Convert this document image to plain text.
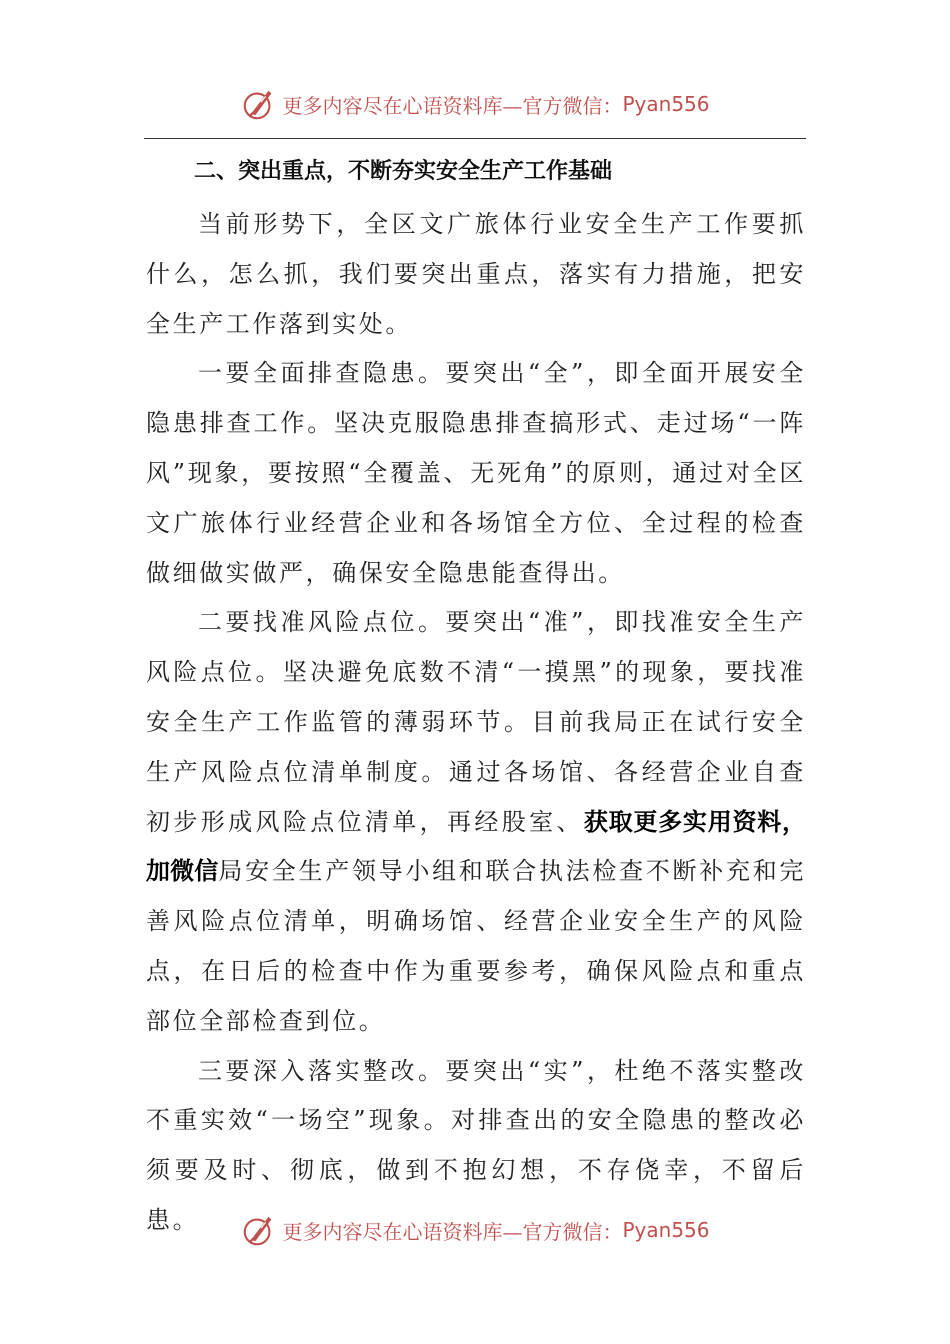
更多内容尽在心语资料库—官方微信： Pyan556

二、突出重点，不断夯实安全生产工作基础

当前形势下，全区文广旅体行业安全生产工作要抓什么，怎么抓，我们要突出重点，落实有力措施，把安全生产工作落到实处。

一要全面排查隐患。要突出“全”，即全面开展安全隐患排查工作。坚决克服隐患排查搞形式、走过场“一阵风”现象，要按照“全覆盖、无死角”的原则，通过对全区文广旅体行业经营企业和各场馆全方位、全过程的检查做细做实做严，确保安全隐患能查得出。

二要找准风险点位。要突出“准”，即找准安全生产风险点位。坚决避免底数不清“一摸黑”的现象，要找准安全生产工作监管的薄弱环节。目前我局正在试行安全生产风险点位清单制度。通过各场馆、各经营企业自查初步形成风险点位清单，再经股室、获取更多实用资料，加微信局安全生产领导小组和联合执法检查不断补充和完善风险点位清单，明确场馆、经营企业安全生产的风险点，在日后的检查中作为重要参考，确保风险点和重点部位全部检查到位。

三要深入落实整改。要突出“实”，杜绝不落实整改不重实效“一场空”现象。对排查出的安全隐患的整改必须要及时、彻底，做到不抱幻想，不存侥幸，不留后患。	更多内容尽在心语资料库—官方微信： Pyan556
